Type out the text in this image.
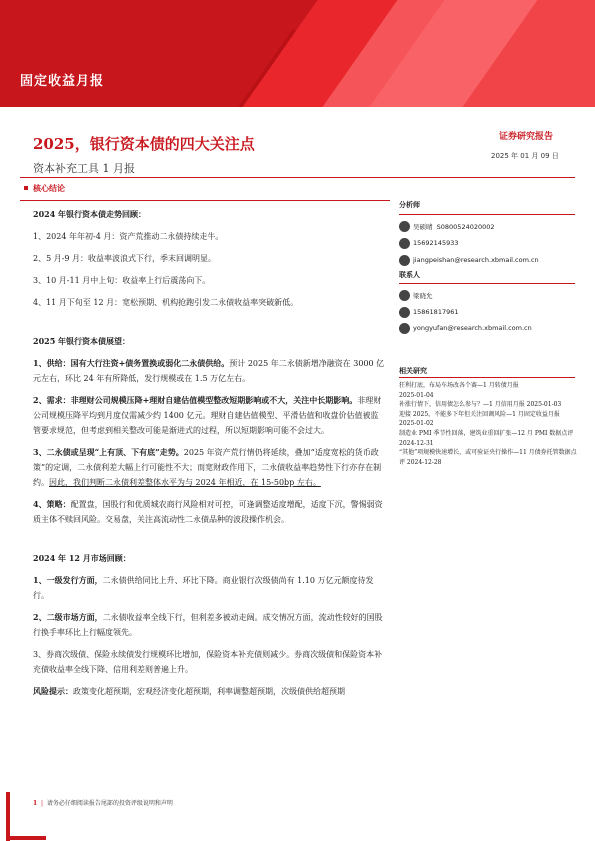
固定收益月报
2025，银行资本债的四大关注点	证券研究报告
资本补充工具 1 月报
2025 年 01 月 09 日
核心结论

2024 年银行资本债走势回顾：

1、2024 年年初-4 月：资产荒推动二永债持续走牛。

2、5 月-9 月：收益率波浪式下行，季末回调明显。

3、10 月-11 月中上旬：收益率上行后震荡向下。

4、11 月下旬至 12 月：宽松预期、机构抢跑引发二永债收益率突破新低。

2025 年银行资本债展望：

1、供给：国有大行注资+债务置换或弱化二永债供给。预计 2025 年二永债新增净融资在 3000 亿元左右，环比 24 年有所降低，发行规模或在 1.5 万亿左右。

2、需求：非理财公司规模压降+理财自建估值模型整改短期影响或不大，关注中长期影响。非理财公司规模压降平均到月度仅需减少约 1400 亿元。理财自建估值模型、平滑估值和收盘价估值被监管要求规范，但考虑到相关整改可能是渐进式的过程，所以短期影响可能不会过大。

3、二永债或呈现“上有顶、下有底”走势。2025 年资产荒行情仍将延续，叠加“适度宽松的货币政策”的定调，二永债利差大幅上行可能性不大；而宽财政作用下，二永债收益率趋势性下行亦存在制约。因此，我们判断二永债利差整体水平为与 2024 年相近，在 15-50bp 左右。

4、策略：配置盘，国股行和优质城农商行风险相对可控，可逢调整适度增配，适度下沉，警惕弱资质主体不赎回风险。交易盘，关注高流动性二永债品种的波段操作机会。

2024 年 12 月市场回顾：

1、一级发行方面，二永债供给同比上升、环比下降。商业银行次级债尚有 1.10 万亿元额度待发行。

2、二级市场方面，二永债收益率全线下行，但利差多被动走阔。成交情况方面，流动性较好的国股行换手率环比上行幅度领先。

3、券商次级债、保险永续债发行规模环比增加，保险资本补充债则减少。券商次级债和保险资本补充债收益率全线下降、信用利差则普遍上升。

风险提示：政策变化超预期，宏观经济变化超预期，利率调整超预期，次级债供给超预期

分析师
吴硕晴 S0800524020002
15692145933
jiangpeishan@research.xbmail.com.cn
联系人
梁晓允
15861817961
yongyufan@research.xbmail.com.cn
相关研究

狂利打底，布局车场改各个赛—1 月转债月报

2025-01-04

补涨行情下，信用债怎么参与？—1 月信用月报 2025-01-03

迎接 2025，不能多下年但关注回调风险—1 月固定收益月报 2025-01-02

制造业 PMI 季节性回落，建筑业重回扩张—12 月 PMI 数据点评 2024-12-31

“其他”项规模快速增长，或可验证央行操作—11 月债券托管数据点评 2024-12-28

1  |  请务必仔细阅读报告尾部的投资评级说明和声明
